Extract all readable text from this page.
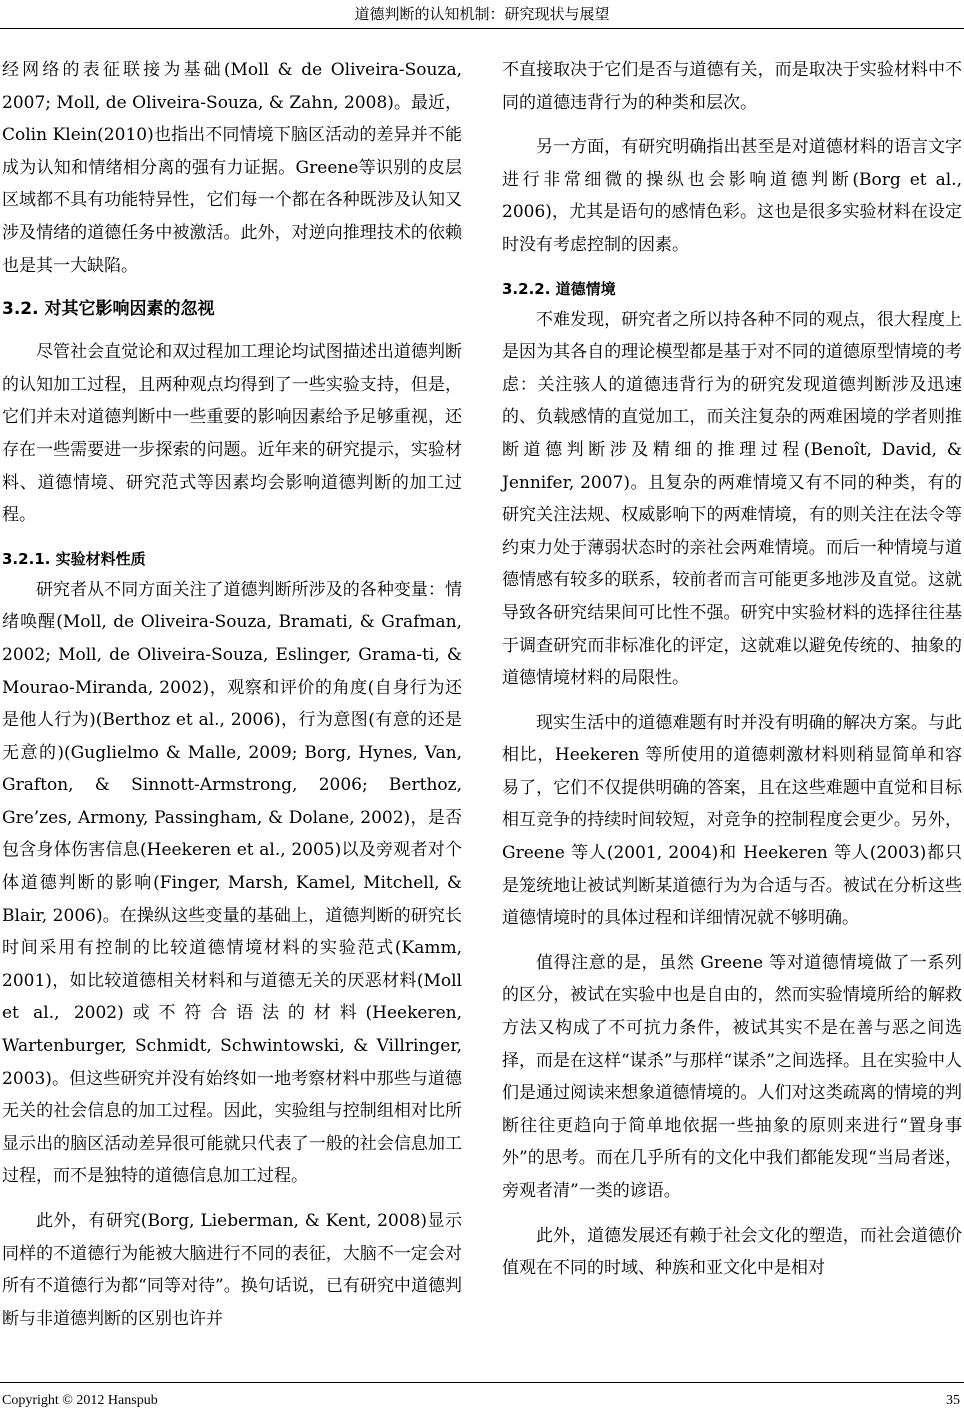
道德判断的认知机制：研究现状与展望

经网络的表征联接为基础(Moll & de Oliveira-Souza, 2007; Moll, de Oliveira-Souza, & Zahn, 2008)。最近，Colin Klein(2010)也指出不同情境下脑区活动的差异并不能成为认知和情绪相分离的强有力证据。Greene等识别的皮层区域都不具有功能特异性，它们每一个都在各种既涉及认知又涉及情绪的道德任务中被激活。此外，对逆向推理技术的依赖也是其一大缺陷。

3.2. 对其它影响因素的忽视

尽管社会直觉论和双过程加工理论均试图描述出道德判断的认知加工过程，且两种观点均得到了一些实验支持，但是，它们并未对道德判断中一些重要的影响因素给予足够重视，还存在一些需要进一步探索的问题。近年来的研究提示，实验材料、道德情境、研究范式等因素均会影响道德判断的加工过程。

3.2.1. 实验材料性质

研究者从不同方面关注了道德判断所涉及的各种变量：情绪唤醒(Moll, de Oliveira-Souza, Bramati, & Grafman, 2002; Moll, de Oliveira-Souza, Eslinger, Grama-ti, & Mourao-Miranda, 2002)，观察和评价的角度(自身行为还是他人行为)(Berthoz et al., 2006)，行为意图(有意的还是无意的)(Guglielmo & Malle, 2009; Borg, Hynes, Van, Grafton, & Sinnott-Armstrong, 2006; Berthoz, Gre’zes, Armony, Passingham, & Dolane, 2002)，是否包含身体伤害信息(Heekeren et al., 2005)以及旁观者对个体道德判断的影响(Finger, Marsh, Kamel, Mitchell, & Blair, 2006)。在操纵这些变量的基础上，道德判断的研究长时间采用有控制的比较道德情境材料的实验范式(Kamm, 2001)，如比较道德相关材料和与道德无关的厌恶材料(Moll et al., 2002)或不符合语法的材料(Heekeren, Wartenburger, Schmidt, Schwintowski, & Villringer, 2003)。但这些研究并没有始终如一地考察材料中那些与道德无关的社会信息的加工过程。因此，实验组与控制组相对比所显示出的脑区活动差异很可能就只代表了一般的社会信息加工过程，而不是独特的道德信息加工过程。

此外，有研究(Borg, Lieberman, & Kent, 2008)显示同样的不道德行为能被大脑进行不同的表征，大脑不一定会对所有不道德行为都“同等对待”。换句话说，已有研究中道德判断与非道德判断的区别也许并

不直接取决于它们是否与道德有关，而是取决于实验材料中不同的道德违背行为的种类和层次。

另一方面，有研究明确指出甚至是对道德材料的语言文字进行非常细微的操纵也会影响道德判断(Borg et al., 2006)，尤其是语句的感情色彩。这也是很多实验材料在设定时没有考虑控制的因素。

3.2.2. 道德情境

不难发现，研究者之所以持各种不同的观点，很大程度上是因为其各自的理论模型都是基于对不同的道德原型情境的考虑：关注骇人的道德违背行为的研究发现道德判断涉及迅速的、负载感情的直觉加工，而关注复杂的两难困境的学者则推断道德判断涉及精细的推理过程(Benoît, David, & Jennifer, 2007)。且复杂的两难情境又有不同的种类，有的研究关注法规、权威影响下的两难情境，有的则关注在法令等约束力处于薄弱状态时的亲社会两难情境。而后一种情境与道德情感有较多的联系，较前者而言可能更多地涉及直觉。这就导致各研究结果间可比性不强。研究中实验材料的选择往往基于调查研究而非标准化的评定，这就难以避免传统的、抽象的道德情境材料的局限性。

现实生活中的道德难题有时并没有明确的解决方案。与此相比，Heekeren 等所使用的道德刺激材料则稍显简单和容易了，它们不仅提供明确的答案，且在这些难题中直觉和目标相互竞争的持续时间较短，对竞争的控制程度会更少。另外，Greene 等人(2001, 2004)和 Heekeren 等人(2003)都只是笼统地让被试判断某道德行为为合适与否。被试在分析这些道德情境时的具体过程和详细情况就不够明确。

值得注意的是，虽然 Greene 等对道德情境做了一系列的区分，被试在实验中也是自由的，然而实验情境所给的解救方法又构成了不可抗力条件，被试其实不是在善与恶之间选择，而是在这样“谋杀”与那样“谋杀”之间选择。且在实验中人们是通过阅读来想象道德情境的。人们对这类疏离的情境的判断往往更趋向于简单地依据一些抽象的原则来进行“置身事外”的思考。而在几乎所有的文化中我们都能发现“当局者迷，旁观者清”一类的谚语。

此外，道德发展还有赖于社会文化的塑造，而社会道德价值观在不同的时域、种族和亚文化中是相对

Copyright © 2012 Hanspub	35
